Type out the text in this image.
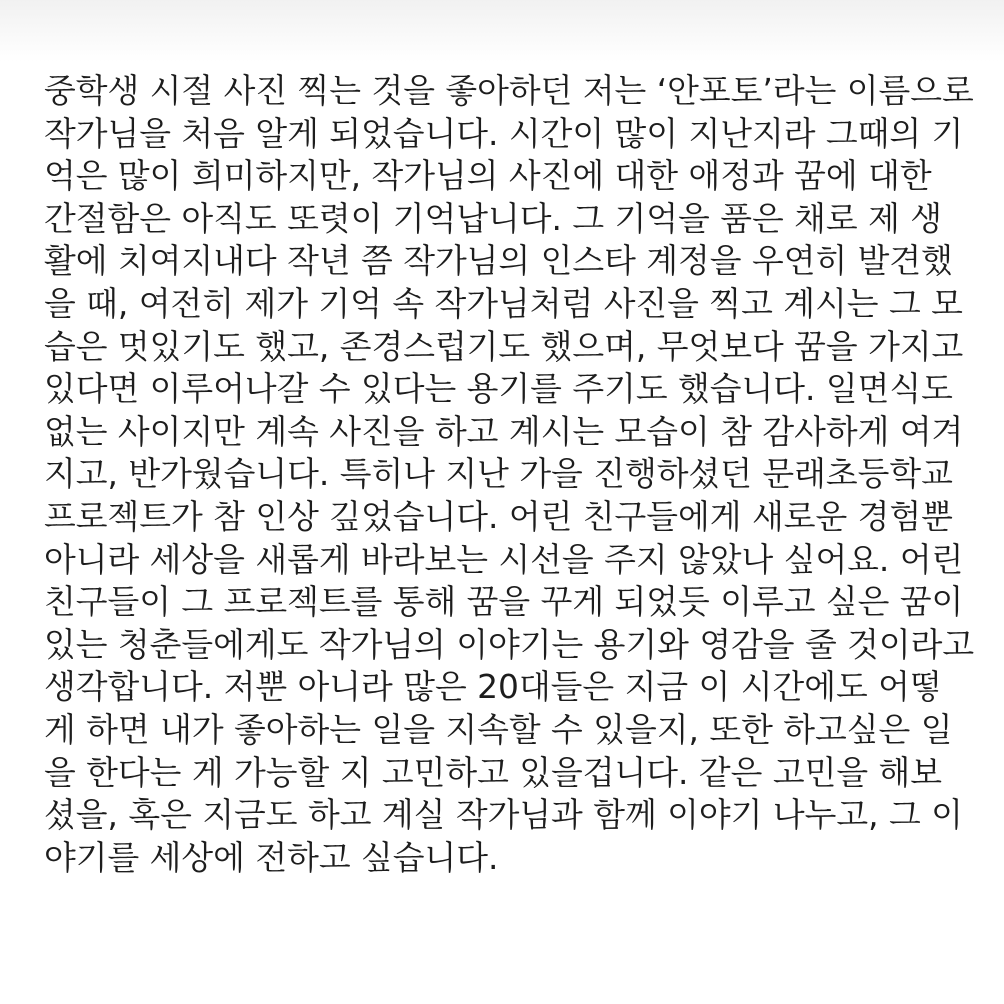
중학생 시절 사진 찍는 것을 좋아하던 저는 ‘안포토’라는 이름으로
작가님을 처음 알게 되었습니다. 시간이 많이 지난지라 그때의 기
억은 많이 희미하지만, 작가님의 사진에 대한 애정과 꿈에 대한
간절함은 아직도 또렷이 기억납니다. 그 기억을 품은 채로 제 생
활에 치여지내다 작년 쯤 작가님의 인스타 계정을 우연히 발견했
을 때, 여전히 제가 기억 속 작가님처럼 사진을 찍고 계시는 그 모
습은 멋있기도 했고, 존경스럽기도 했으며, 무엇보다 꿈을 가지고
있다면 이루어나갈 수 있다는 용기를 주기도 했습니다. 일면식도
없는 사이지만 계속 사진을 하고 계시는 모습이 참 감사하게 여겨
지고, 반가웠습니다. 특히나 지난 가을 진행하셨던 문래초등학교
프로젝트가 참 인상 깊었습니다. 어린 친구들에게 새로운 경험뿐
아니라 세상을 새롭게 바라보는 시선을 주지 않았나 싶어요. 어린
친구들이 그 프로젝트를 통해 꿈을 꾸게 되었듯 이루고 싶은 꿈이
있는 청춘들에게도 작가님의 이야기는 용기와 영감을 줄 것이라고
생각합니다. 저뿐 아니라 많은 20대들은 지금 이 시간에도 어떻
게 하면 내가 좋아하는 일을 지속할 수 있을지, 또한 하고싶은 일
을 한다는 게 가능할 지 고민하고 있을겁니다. 같은 고민을 해보
셨을, 혹은 지금도 하고 계실 작가님과 함께 이야기 나누고, 그 이
야기를 세상에 전하고 싶습니다.
